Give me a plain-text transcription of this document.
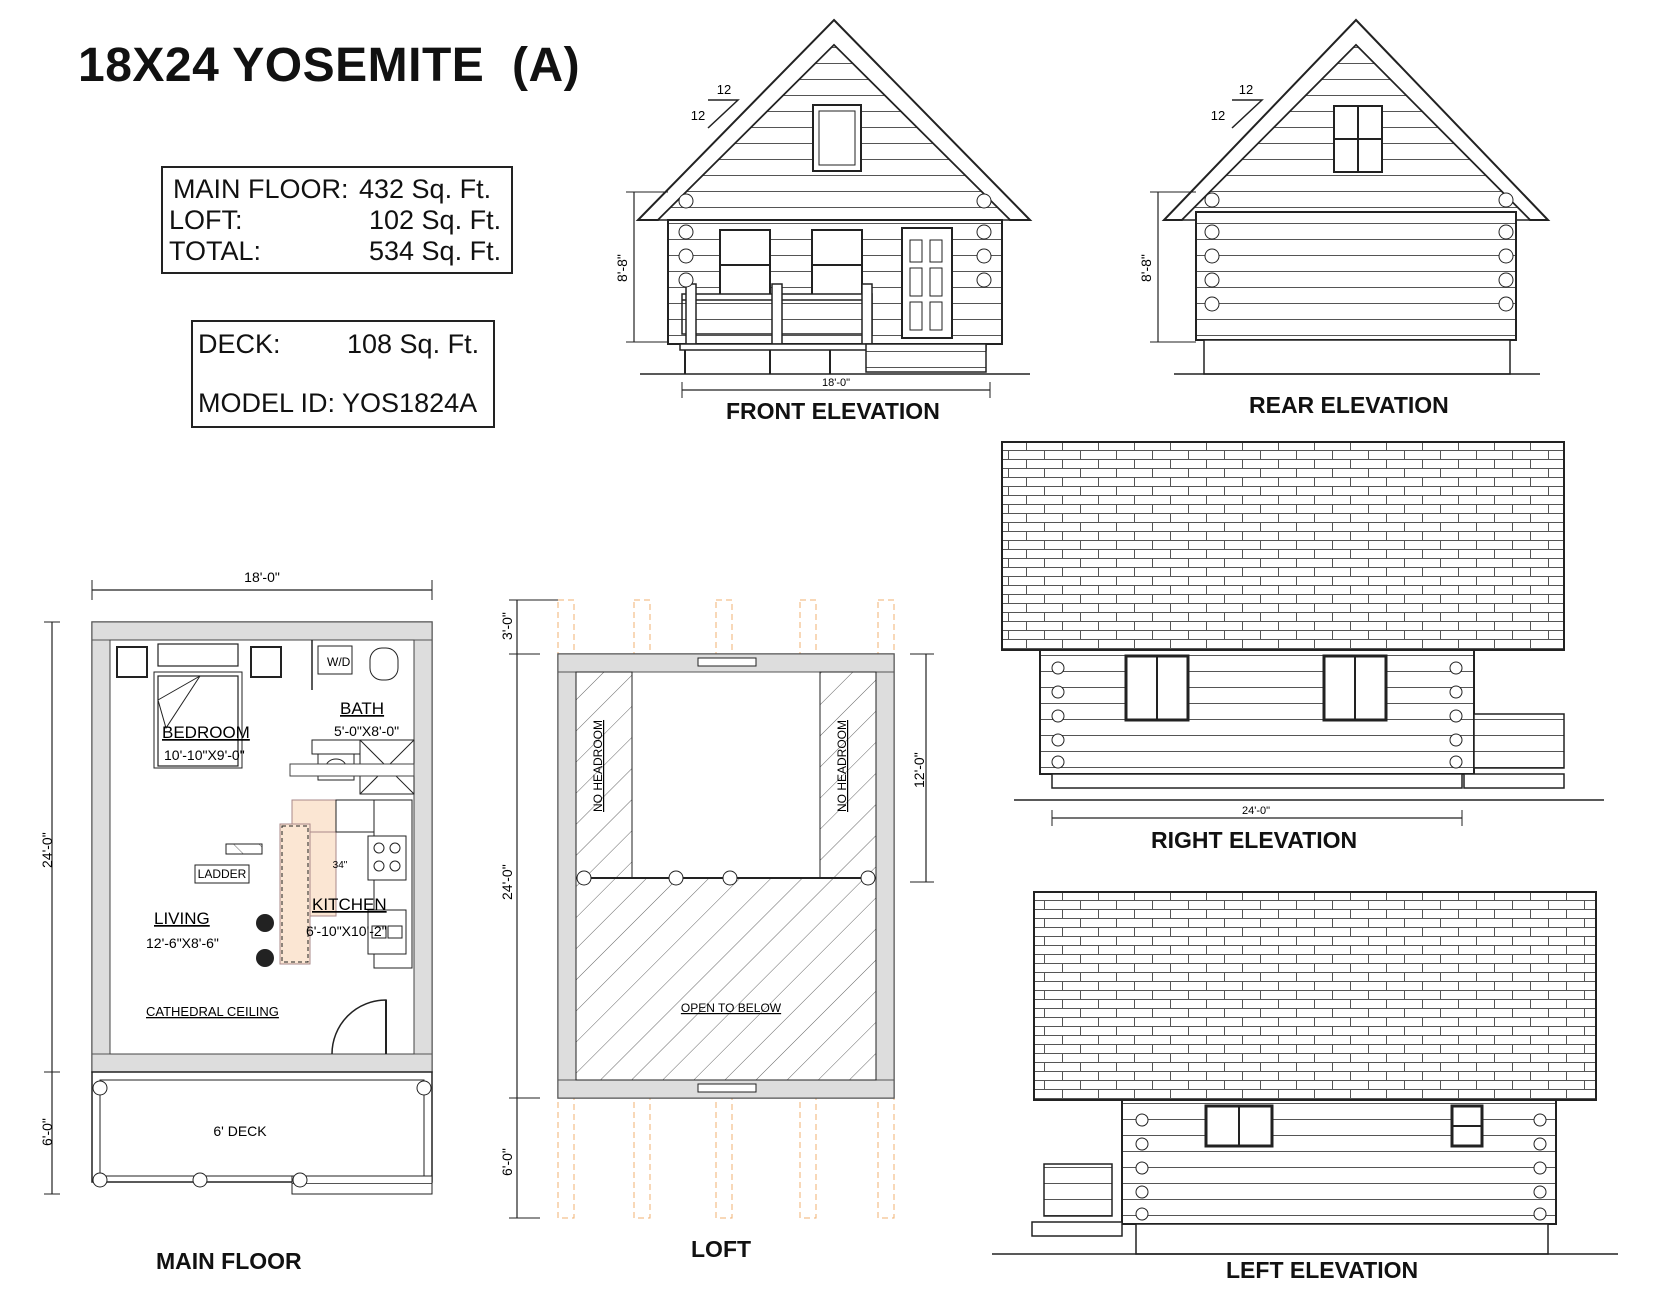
18X24 YOSEMITE  (A)
MAIN FLOOR: 432 Sq. Ft.
LOFT:	102 Sq. Ft.
TOTAL:	534 Sq. Ft.
DECK: 108 Sq. Ft.
MODEL ID: YOS1824A	FRONT ELEVATION	REAR ELEVATION
RIGHT ELEVATION
LEFT ELEVATION
MAIN FLOOR	LOFT
12
12
8'-8"
18'-0"
12
12
8'-8"
24'-0"
18'-0"
24'-0"
6'-0"
BEDROOM
10'-10"X9'-0"
BATH
5'-0"X8'-0"
W/D
LADDER
LIVING
12'-6"X8'-6"
KITCHEN
6'-10"X10'-2"
34"
CATHEDRAL CEILING
6' DECK
3'-0"
24'-0"
6'-0"
12'-0"
NO HEADROOM	NO HEADROOM
OPEN TO BELOW
